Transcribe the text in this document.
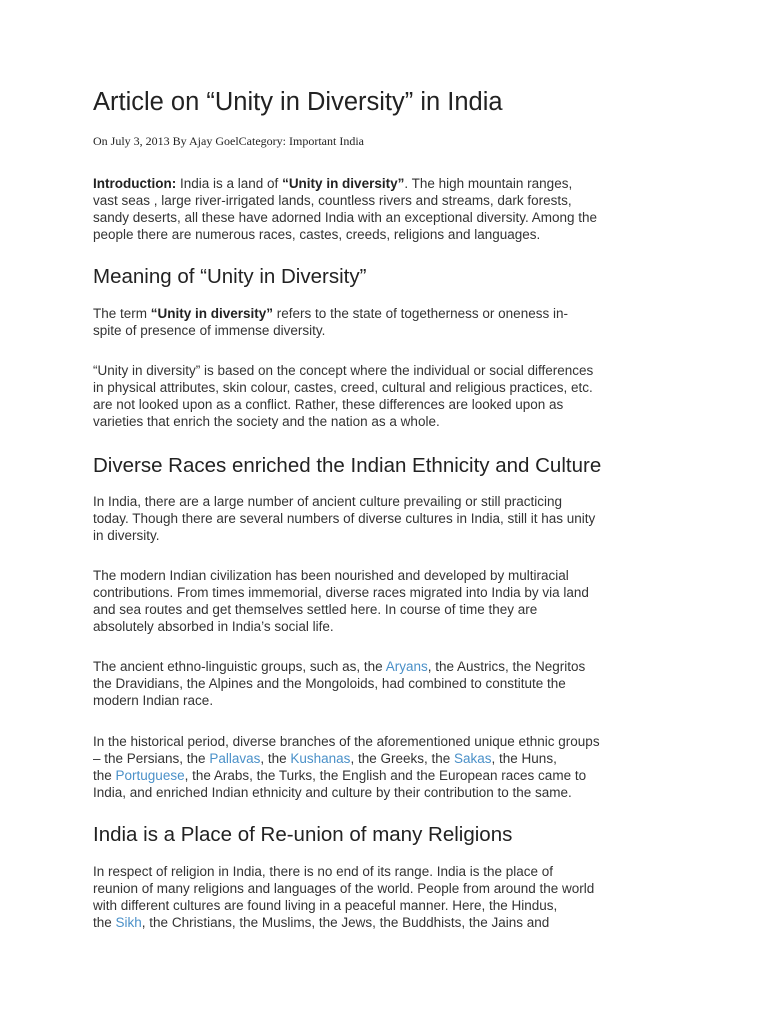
Article on “Unity in Diversity” in India
On July 3, 2013 By Ajay GoelCategory: Important India

Introduction: India is a land of “Unity in diversity”. The high mountain ranges,
vast seas , large river-irrigated lands, countless rivers and streams, dark forests,
sandy deserts, all these have adorned India with an exceptional diversity. Among the
people there are numerous races, castes, creeds, religions and languages.

Meaning of “Unity in Diversity”

The term “Unity in diversity” refers to the state of togetherness or oneness in-
spite of presence of immense diversity.

“Unity in diversity” is based on the concept where the individual or social differences
in physical attributes, skin colour, castes, creed, cultural and religious practices, etc.
are not looked upon as a conflict. Rather, these differences are looked upon as
varieties that enrich the society and the nation as a whole.

Diverse Races enriched the Indian Ethnicity and Culture

In India, there are a large number of ancient culture prevailing or still practicing
today. Though there are several numbers of diverse cultures in India, still it has unity
in diversity.

The modern Indian civilization has been nourished and developed by multiracial
contributions. From times immemorial, diverse races migrated into India by via land
and sea routes and get themselves settled here. In course of time they are
absolutely absorbed in India’s social life.

The ancient ethno-linguistic groups, such as, the Aryans, the Austrics, the Negritos
the Dravidians, the Alpines and the Mongoloids, had combined to constitute the
modern Indian race.

In the historical period, diverse branches of the aforementioned unique ethnic groups
– the Persians, the Pallavas, the Kushanas, the Greeks, the Sakas, the Huns,
the Portuguese, the Arabs, the Turks, the English and the European races came to
India, and enriched Indian ethnicity and culture by their contribution to the same.

India is a Place of Re-union of many Religions

In respect of religion in India, there is no end of its range. India is the place of
reunion of many religions and languages of the world. People from around the world
with different cultures are found living in a peaceful manner. Here, the Hindus,
the Sikh, the Christians, the Muslims, the Jews, the Buddhists, the Jains and
